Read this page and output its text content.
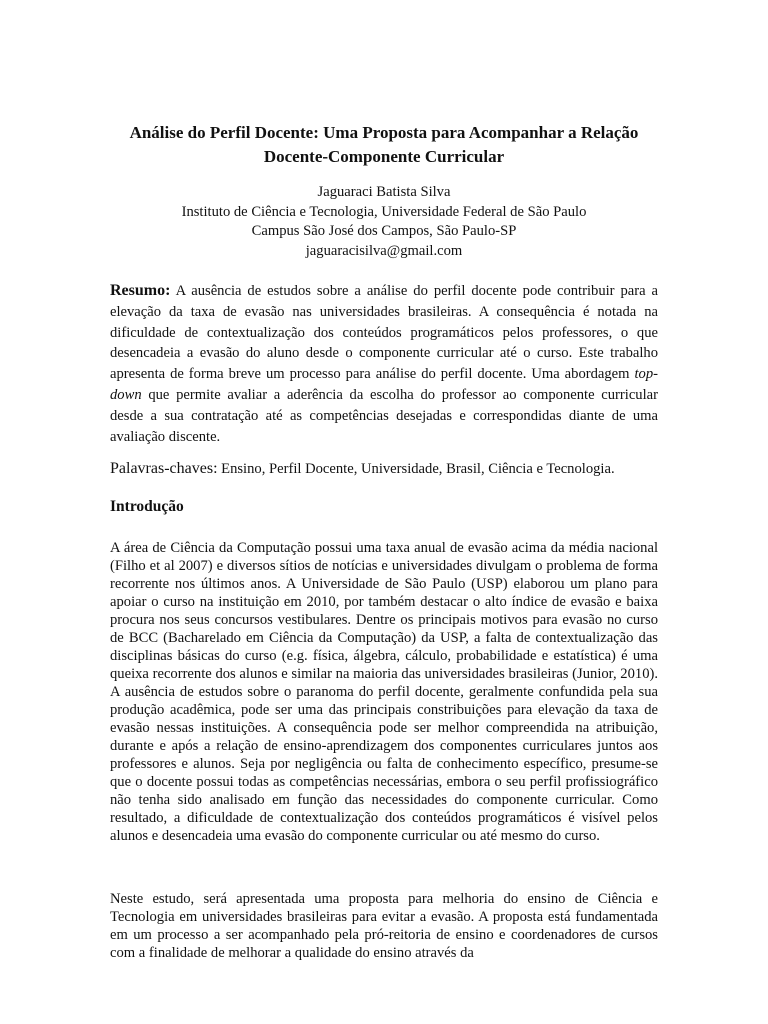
Análise do Perfil Docente: Uma Proposta para Acompanhar a Relação
Docente-Componente Curricular
Jaguaraci Batista Silva
Instituto de Ciência e Tecnologia, Universidade Federal de São Paulo
Campus São José dos Campos, São Paulo-SP
jaguaracisilva@gmail.com

Resumo: A ausência de estudos sobre a análise do perfil docente pode contribuir para a elevação da taxa de evasão nas universidades brasileiras. A consequência é notada na dificuldade de contextualização dos conteúdos programáticos pelos professores, o que desencadeia a evasão do aluno desde o componente curricular até o curso. Este trabalho apresenta de forma breve um processo para análise do perfil docente. Uma abordagem top-down que permite avaliar a aderência da escolha do professor ao componente curricular desde a sua contratação até as competências desejadas e correspondidas diante de uma avaliação discente.

Palavras-chaves: Ensino, Perfil Docente, Universidade, Brasil, Ciência e Tecnologia.

Introdução

A área de Ciência da Computação possui uma taxa anual de evasão acima da média nacional (Filho et al 2007) e diversos sítios de notícias e universidades divulgam o problema de forma recorrente nos últimos anos. A Universidade de São Paulo (USP) elaborou um plano para apoiar o curso na instituição em 2010, por também destacar o alto índice de evasão e baixa procura nos seus concursos vestibulares. Dentre os principais motivos para evasão no curso de BCC (Bacharelado em Ciência da Computação) da USP, a falta de contextualização das disciplinas básicas do curso (e.g. física, álgebra, cálculo, probabilidade e estatística) é uma queixa recorrente dos alunos e similar na maioria das universidades brasileiras (Junior, 2010). A ausência de estudos sobre o paranoma do perfil docente, geralmente confundida pela sua produção acadêmica, pode ser uma das principais constribuições para elevação da taxa de evasão nessas instituições. A consequência pode ser melhor compreendida na atribuição, durante e após a relação de ensino-aprendizagem dos componentes curriculares juntos aos professores e alunos. Seja por negligência ou falta de conhecimento específico, presume-se que o docente possui todas as competências necessárias, embora o seu perfil profissiográfico não tenha sido analisado em função das necessidades do componente curricular. Como resultado, a dificuldade de contextualização dos conteúdos programáticos é visível pelos alunos e desencadeia uma evasão do componente curricular ou até mesmo do curso.

Neste estudo, será apresentada uma proposta para melhoria do ensino de Ciência e Tecnologia em universidades brasileiras para evitar a evasão. A proposta está fundamentada em um processo a ser acompanhado pela pró-reitoria de ensino e coordenadores de cursos com a finalidade de melhorar a qualidade do ensino através da
